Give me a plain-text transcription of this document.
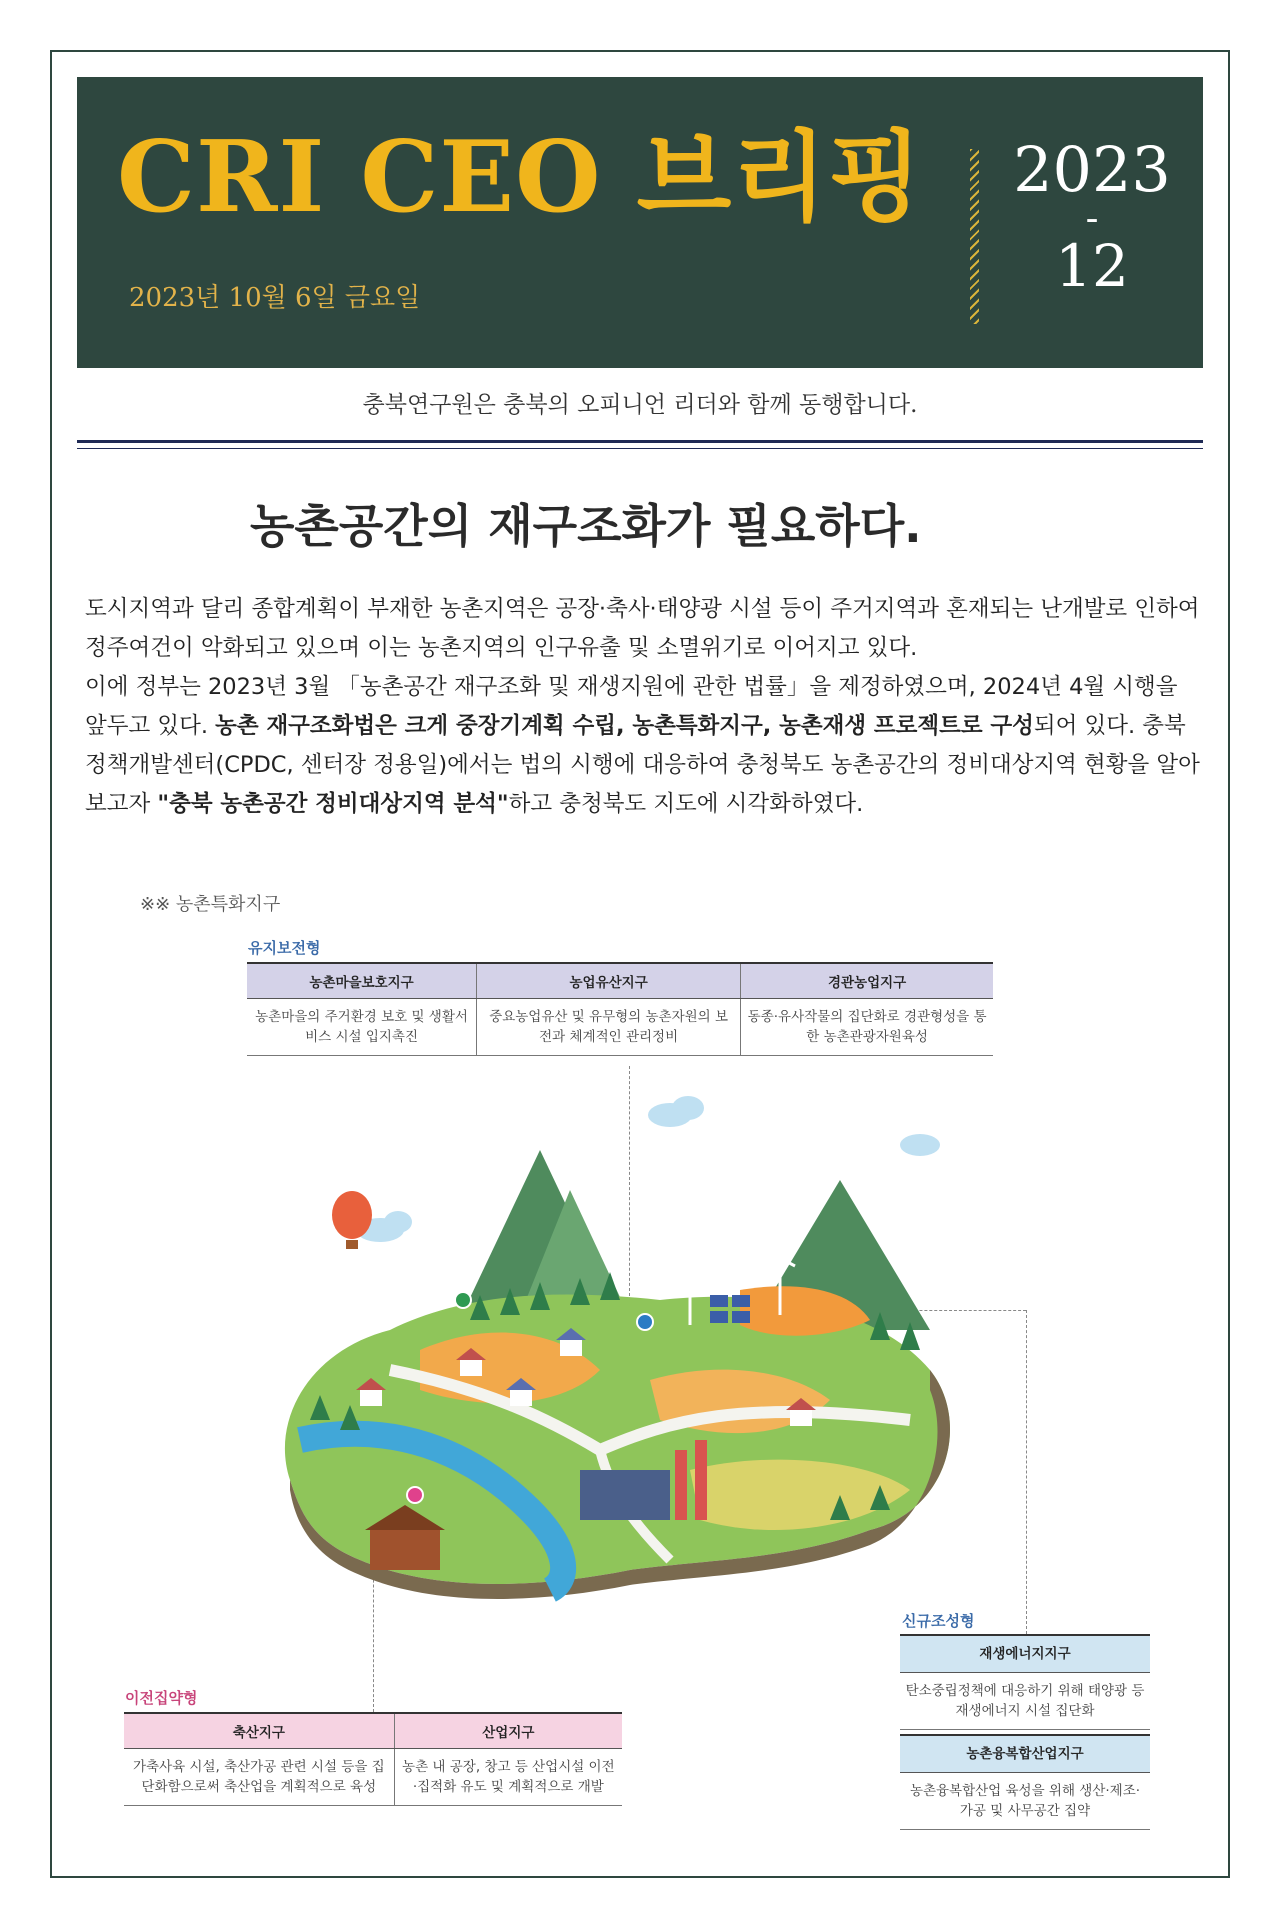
CRI CEO 브리핑
2023년 10월 6일 금요일
2023
-
12
충북연구원은 충북의 오피니언 리더와 함께 동행합니다.
농촌공간의 재구조화가 필요하다.

도시지역과 달리 종합계획이 부재한 농촌지역은 공장·축사·태양광 시설 등이 주거지역과 혼재되는 난개발로 인하여 정주여건이 악화되고 있으며 이는 농촌지역의 인구유출 및 소멸위기로 이어지고 있다.

이에 정부는 2023년 3월 「농촌공간 재구조화 및 재생지원에 관한 법률」을 제정하였으며, 2024년 4월 시행을 앞두고 있다. 농촌 재구조화법은 크게 중장기계획 수립, 농촌특화지구, 농촌재생 프로젝트로 구성되어 있다. 충북정책개발센터(CPDC, 센터장 정용일)에서는 법의 시행에 대응하여 충청북도 농촌공간의 정비대상지역 현황을 알아보고자 "충북 농촌공간 정비대상지역 분석"하고 충청북도 지도에 시각화하였다.

※※ 농촌특화지구
유지보전형
농촌마을보호지구	농업유산지구	경관농업지구
농촌마을의 주거환경 보호 및 생활서비스 시설 입지촉진	중요농업유산 및 유무형의 농촌자원의 보전과 체계적인 관리정비	동종·유사작물의 집단화로 경관형성을 통한 농촌관광자원육성
이전집약형
축산지구	산업지구
가축사육 시설, 축산가공 관련 시설 등을 집단화함으로써 축산업을 계획적으로 육성	농촌 내 공장, 창고 등 산업시설 이전·집적화 유도 및 계획적으로 개발
신규조성형
재생에너지지구
탄소중립정책에 대응하기 위해 태양광 등 재생에너지 시설 집단화
농촌융복합산업지구
농촌융복합산업 육성을 위해 생산·제조·가공 및 사무공간 집약
